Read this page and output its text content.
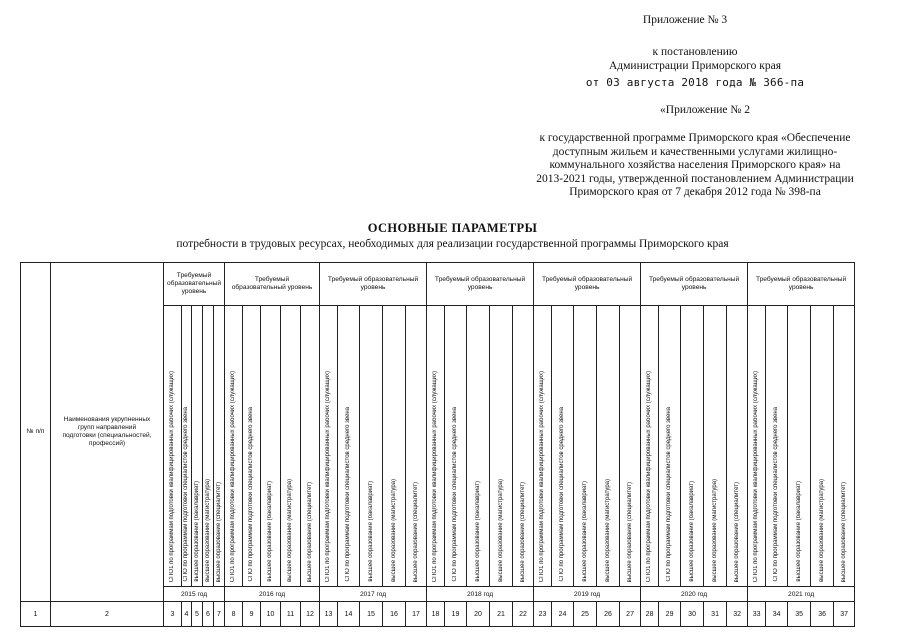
Приложение № 3
к постановлению
Администрации Приморского края
от 03 августа 2018 года № 366-па
«Приложение № 2
к государственной программе Приморского края «Обеспечение
доступным жильем и качественными услугами жилищно-
коммунального хозяйства населения Приморского края» на
2013-2021 годы, утвержденной постановлением Администрации
Приморского края от 7 декабря 2012 года № 398-па
ОСНОВНЫЕ ПАРАМЕТРЫ
потребности в трудовых ресурсах, необходимых для реализации государственной программы Приморского края
№ п/п	Наименования укрупненных групп направлений подготовки (специальностей, профессий)	Требуемый образовательный уровень					Требуемый образовательный уровень					Требуемый образовательный уровень					Требуемый образовательный уровень					Требуемый образовательный уровень					Требуемый образовательный уровень					Требуемый образовательный уровень				
		СПО1 по программам подготовки квалифицированных рабочих (служащих)	СПО по программам подготовки специалистов среднего звена	высшее образование (бакалавриат)	высшее образование (магистратура)	высшее образование (специалитет)	СПО1 по программам подготовки квалифицированных рабочих (служащих)	СПО по программам подготовки специалистов среднего звена	высшее образование (бакалавриат)	высшее образование (магистратура)	высшее образование (специалитет)	СПО1 по программам подготовки квалифицированных рабочих (служащих)	СПО по программам подготовки специалистов среднего звена	высшее образование (бакалавриат)	высшее образование (магистратура)	высшее образование (специалитет)	СПО1 по программам подготовки квалифицированных рабочих (служащих)	СПО по программам подготовки специалистов среднего звена	высшее образование (бакалавриат)	высшее образование (магистратура)	высшее образование (специалитет)	СПО1 по программам подготовки квалифицированных рабочих (служащих)	СПО по программам подготовки специалистов среднего звена	высшее образование (бакалавриат)	высшее образование (магистратура)	высшее образование (специалитет)	СПО1 по программам подготовки квалифицированных рабочих (служащих)	СПО по программам подготовки специалистов среднего звена	высшее образование (бакалавриат)	высшее образование (магистратура)	высшее образование (специалитет)	СПО1 по программам подготовки квалифицированных рабочих (служащих)	СПО по программам подготовки специалистов среднего звена	высшее образование (бакалавриат)	высшее образование (магистратура)	высшее образование (специалитет)
		2015 год					2016 год					2017 год					2018 год					2019 год					2020 год					2021 год				
1	2	3	4	5	6	7	8	9	10	11	12	13	14	15	16	17	18	19	20	21	22	23	24	25	26	27	28	29	30	31	32	33	34	35	36	37
